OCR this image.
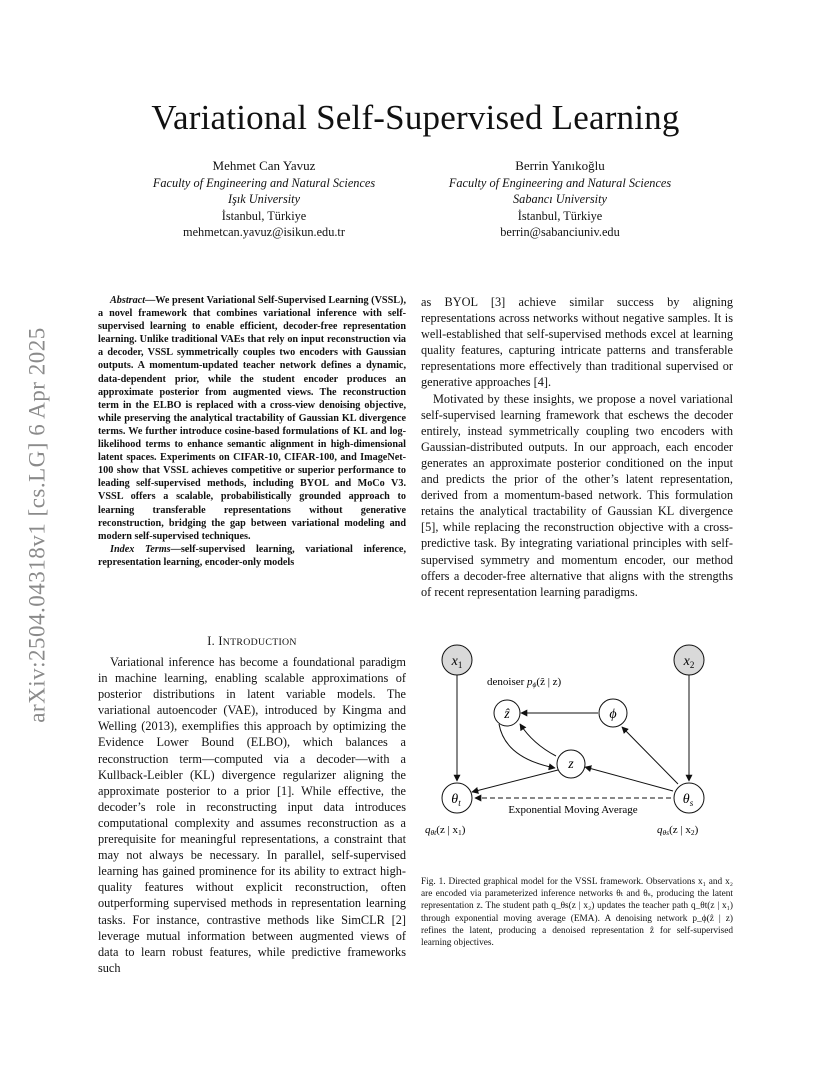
arXiv:2504.04318v1 [cs.LG] 6 Apr 2025
Variational Self-Supervised Learning
Mehmet Can Yavuz
Faculty of Engineering and Natural Sciences
Işık University
İstanbul, Türkiye
mehmetcan.yavuz@isikun.edu.tr
Berrin Yanıkoğlu
Faculty of Engineering and Natural Sciences
Sabancı University
İstanbul, Türkiye
berrin@sabanciuniv.edu

Abstract—We present Variational Self-Supervised Learning (VSSL), a novel framework that combines variational inference with self-supervised learning to enable efficient, decoder-free representation learning. Unlike traditional VAEs that rely on input reconstruction via a decoder, VSSL symmetrically couples two encoders with Gaussian outputs. A momentum-updated teacher network defines a dynamic, data-dependent prior, while the student encoder produces an approximate posterior from augmented views. The reconstruction term in the ELBO is replaced with a cross-view denoising objective, while preserving the analytical tractability of Gaussian KL divergence terms. We further introduce cosine-based formulations of KL and log-likelihood terms to enhance semantic alignment in high-dimensional latent spaces. Experiments on CIFAR-10, CIFAR-100, and ImageNet-100 show that VSSL achieves competitive or superior performance to leading self-supervised methods, including BYOL and MoCo V3. VSSL offers a scalable, probabilistically grounded approach to learning transferable representations without generative reconstruction, bridging the gap between variational modeling and modern self-supervised techniques.

Index Terms—self-supervised learning, variational inference, representation learning, encoder-only models

I. INTRODUCTION

Variational inference has become a foundational paradigm in machine learning, enabling scalable approximations of posterior distributions in latent variable models. The variational autoencoder (VAE), introduced by Kingma and Welling (2013), exemplifies this approach by optimizing the Evidence Lower Bound (ELBO), which balances a reconstruction term—computed via a decoder—with a Kullback-Leibler (KL) divergence regularizer aligning the approximate posterior to a prior [1]. While effective, the decoder’s role in reconstructing input data introduces computational complexity and assumes reconstruction as a prerequisite for meaningful representations, a constraint that may not always be necessary. In parallel, self-supervised learning has gained prominence for its ability to extract high-quality features without explicit reconstruction, often outperforming supervised methods in representation learning tasks. For instance, contrastive methods like SimCLR [2] leverage mutual information between augmented views of data to learn robust features, while predictive frameworks such

as BYOL [3] achieve similar success by aligning representations across networks without negative samples. It is well-established that self-supervised methods excel at learning quality features, capturing intricate patterns and transferable representations more effectively than traditional supervised or generative approaches [4].

Motivated by these insights, we propose a novel variational self-supervised learning framework that eschews the decoder entirely, instead symmetrically coupling two encoders with Gaussian-distributed outputs. In our approach, each encoder generates an approximate posterior conditioned on the input and predicts the prior of the other’s latent representation, derived from a momentum-based network. This formulation retains the analytical tractability of Gaussian KL divergence [5], while replacing the reconstruction objective with a cross-predictive task. By integrating variational principles with self-supervised symmetry and momentum encoder, our method offers a decoder-free alternative that aligns with the strengths of recent representation learning paradigms.

$x_1$	$x_2$
ẑ	ϕ
z
$\theta_t$	$\theta_s$
denoiser pϕ(ẑ | z)
Exponential Moving Average
qθt(z | x1)	qθs(z | x2)
Fig. 1. Directed graphical model for the VSSL framework. Observations x₁ and x₂ are encoded via parameterized inference networks θₜ and θₛ, producing the latent representation z. The student path q_θs(z | x₂) updates the teacher path q_θt(z | x₁) through exponential moving average (EMA). A denoising network p_ϕ(ẑ | z) refines the latent, producing a denoised representation ẑ for self-supervised learning objectives.
